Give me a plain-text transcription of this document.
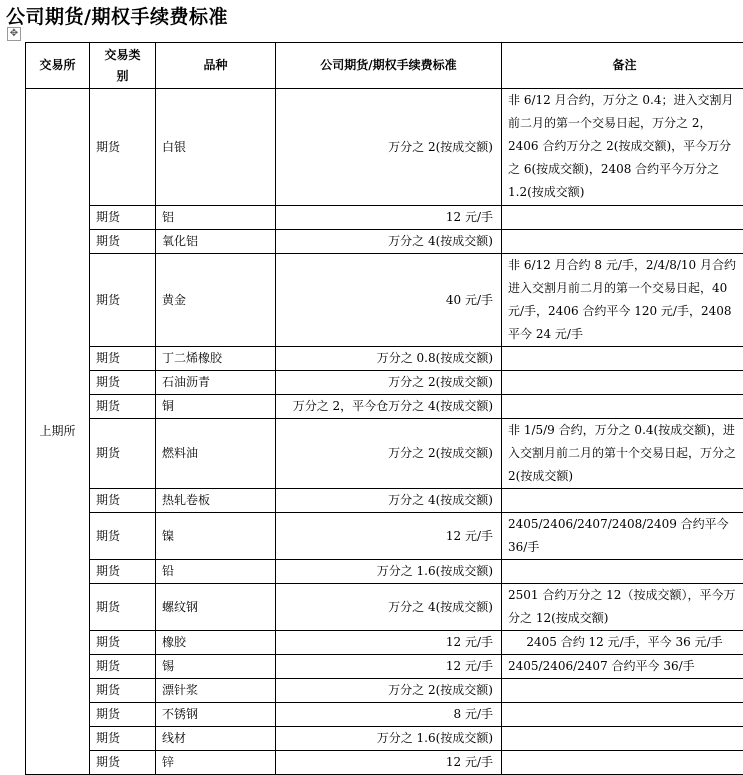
公司期货/期权手续费标准
✥
交易所	交易类别	品种	公司期货/期权手续费标准	备注
上期所	期货	白银	万分之 2(按成交额)	非 6/12 月合约，万分之 0.4；进入交割月前二月的第一个交易日起，万分之 2，2406 合约万分之 2(按成交额)，平今万分之 6(按成交额)，2408 合约平今万分之 1.2(按成交额)
	期货	铝	12 元/手	
	期货	氧化铝	万分之 4(按成交额)	
	期货	黄金	40 元/手	非 6/12 月合约 8 元/手，2/4/8/10 月合约进入交割月前二月的第一个交易日起，40 元/手，2406 合约平今 120 元/手，2408 平今 24 元/手
	期货	丁二烯橡胶	万分之 0.8(按成交额)	
	期货	石油沥青	万分之 2(按成交额)	
	期货	铜	万分之 2，平今仓万分之 4(按成交额)	
	期货	燃料油	万分之 2(按成交额)	非 1/5/9 合约，万分之 0.4(按成交额)，进入交割月前二月的第十个交易日起，万分之 2(按成交额)
	期货	热轧卷板	万分之 4(按成交额)	
	期货	镍	12 元/手	2405/2406/2407/2408/2409 合约平今 36/手
	期货	铅	万分之 1.6(按成交额)	
	期货	螺纹钢	万分之 4(按成交额)	2501 合约万分之 12（按成交额），平今万分之 12(按成交额)
	期货	橡胶	12 元/手	2405 合约 12 元/手，平今 36 元/手
	期货	锡	12 元/手	2405/2406/2407 合约平今 36/手
	期货	漂针浆	万分之 2(按成交额)	
	期货	不锈钢	8 元/手	
	期货	线材	万分之 1.6(按成交额)	
	期货	锌	12 元/手	
